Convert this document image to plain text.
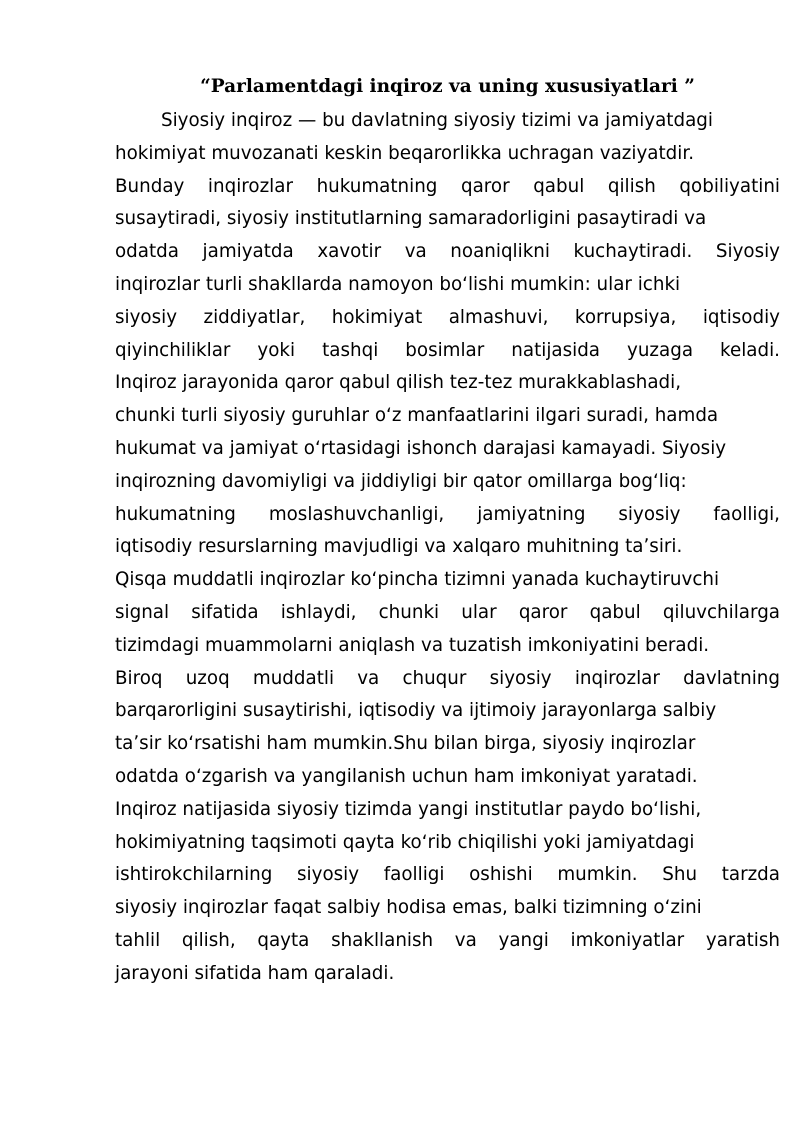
“Parlamentdagi inqiroz va uning xususiyatlari ”
Siyosiy inqiroz — bu davlatning siyosiy tizimi va jamiyatdagi
hokimiyat muvozanati keskin beqarorlikka uchragan vaziyatdir.
Bunday inqirozlar hukumatning qaror qabul qilish qobiliyatini
susaytiradi, siyosiy institutlarning samaradorligini pasaytiradi va
odatda jamiyatda xavotir va noaniqlikni kuchaytiradi. Siyosiy
inqirozlar turli shakllarda namoyon boʻlishi mumkin: ular ichki
siyosiy ziddiyatlar, hokimiyat almashuvi, korrupsiya, iqtisodiy
qiyinchiliklar yoki tashqi bosimlar natijasida yuzaga keladi.
Inqiroz jarayonida qaror qabul qilish tez-tez murakkablashadi,
chunki turli siyosiy guruhlar oʻz manfaatlarini ilgari suradi, hamda
hukumat va jamiyat oʻrtasidagi ishonch darajasi kamayadi. Siyosiy
inqirozning davomiyligi va jiddiyligi bir qator omillarga bogʻliq:
hukumatning moslashuvchanligi, jamiyatning siyosiy faolligi,
iqtisodiy resurslarning mavjudligi va xalqaro muhitning taʼsiri.
Qisqa muddatli inqirozlar koʻpincha tizimni yanada kuchaytiruvchi
signal sifatida ishlaydi, chunki ular qaror qabul qiluvchilarga
tizimdagi muammolarni aniqlash va tuzatish imkoniyatini beradi.
Biroq uzoq muddatli va chuqur siyosiy inqirozlar davlatning
barqarorligini susaytirishi, iqtisodiy va ijtimoiy jarayonlarga salbiy
taʼsir koʻrsatishi ham mumkin.Shu bilan birga, siyosiy inqirozlar
odatda oʻzgarish va yangilanish uchun ham imkoniyat yaratadi.
Inqiroz natijasida siyosiy tizimda yangi institutlar paydo boʻlishi,
hokimiyatning taqsimoti qayta koʻrib chiqilishi yoki jamiyatdagi
ishtirokchilarning siyosiy faolligi oshishi mumkin. Shu tarzda
siyosiy inqirozlar faqat salbiy hodisa emas, balki tizimning oʻzini
tahlil qilish, qayta shakllanish va yangi imkoniyatlar yaratish
jarayoni sifatida ham qaraladi.
